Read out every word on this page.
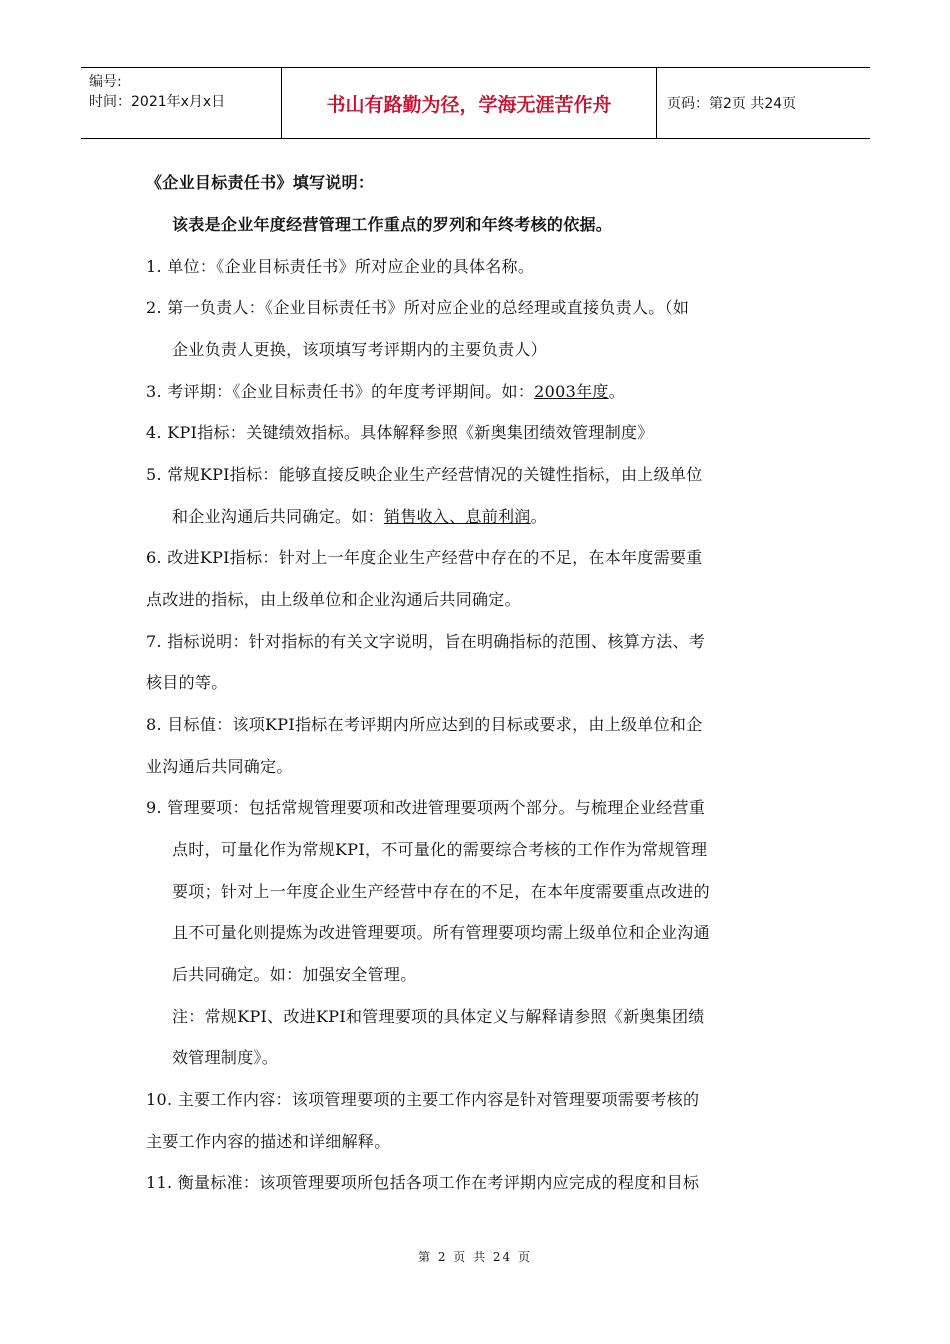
编号:
时间：2021年x月x日	书山有路勤为径，学海无涯苦作舟	页码：第2页 共24页
《企业目标责任书》填写说明：
该表是企业年度经营管理工作重点的罗列和年终考核的依据。
1. 单位：《企业目标责任书》所对应企业的具体名称。
2. 第一负责人：《企业目标责任书》所对应企业的总经理或直接负责人。（如
企业负责人更换，该项填写考评期内的主要负责人）
3. 考评期：《企业目标责任书》的年度考评期间。如：2003年度。
4. KPI指标：关键绩效指标。具体解释参照《新奥集团绩效管理制度》
5. 常规KPI指标：能够直接反映企业生产经营情况的关键性指标，由上级单位
和企业沟通后共同确定。如：销售收入、息前利润。
6. 改进KPI指标：针对上一年度企业生产经营中存在的不足，在本年度需要重
点改进的指标，由上级单位和企业沟通后共同确定。
7. 指标说明：针对指标的有关文字说明，旨在明确指标的范围、核算方法、考
核目的等。
8. 目标值：该项KPI指标在考评期内所应达到的目标或要求，由上级单位和企
业沟通后共同确定。
9. 管理要项：包括常规管理要项和改进管理要项两个部分。与梳理企业经营重
点时，可量化作为常规KPI，不可量化的需要综合考核的工作作为常规管理
要项；针对上一年度企业生产经营中存在的不足，在本年度需要重点改进的
且不可量化则提炼为改进管理要项。所有管理要项均需上级单位和企业沟通
后共同确定。如：加强安全管理。
注：常规KPI、改进KPI和管理要项的具体定义与解释请参照《新奥集团绩
效管理制度》。
10. 主要工作内容：该项管理要项的主要工作内容是针对管理要项需要考核的
主要工作内容的描述和详细解释。
11. 衡量标准：该项管理要项所包括各项工作在考评期内应完成的程度和目标
第 2 页 共 24 页
